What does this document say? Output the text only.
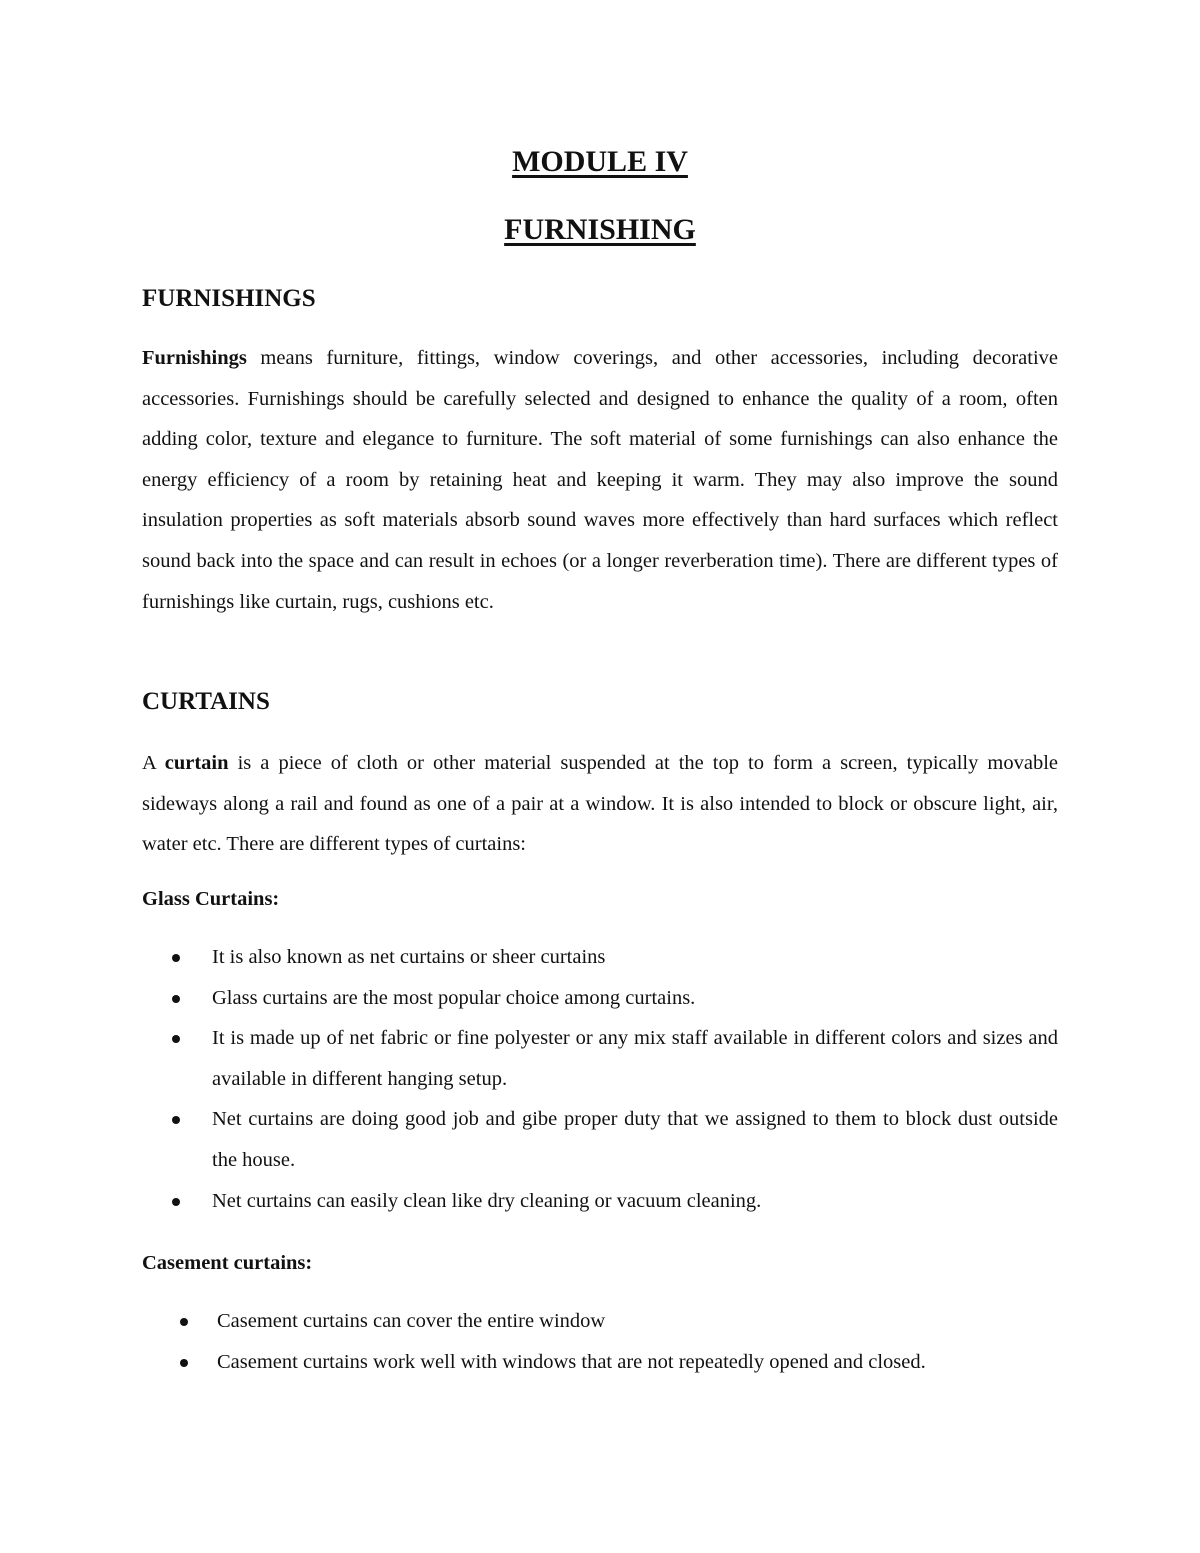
MODULE IV
FURNISHING
FURNISHINGS

Furnishings means furniture, fittings, window coverings, and other accessories, including decorative accessories. Furnishings should be carefully selected and designed to enhance the quality of a room, often adding color, texture and elegance to furniture. The soft material of some furnishings can also enhance the energy efficiency of a room by retaining heat and keeping it warm. They may also improve the sound insulation properties as soft materials absorb sound waves more effectively than hard surfaces which reflect sound back into the space and can result in echoes (or a longer reverberation time). There are different types of furnishings like curtain, rugs, cushions etc.

CURTAINS

A curtain is a piece of cloth or other material suspended at the top to form a screen, typically movable sideways along a rail and found as one of a pair at a window. It is also intended to block or obscure light, air, water etc. There are different types of curtains:

Glass Curtains:
It is also known as net curtains or sheer curtains
Glass curtains are the most popular choice among curtains.
It is made up of net fabric or fine polyester or any mix staff available in different colors and sizes and available in different hanging setup.
Net curtains are doing good job and gibe proper duty that we assigned to them to block dust outside the house.
Net curtains can easily clean like dry cleaning or vacuum cleaning.
Casement curtains:
Casement curtains can cover the entire window
Casement curtains work well with windows that are not repeatedly opened and closed.
